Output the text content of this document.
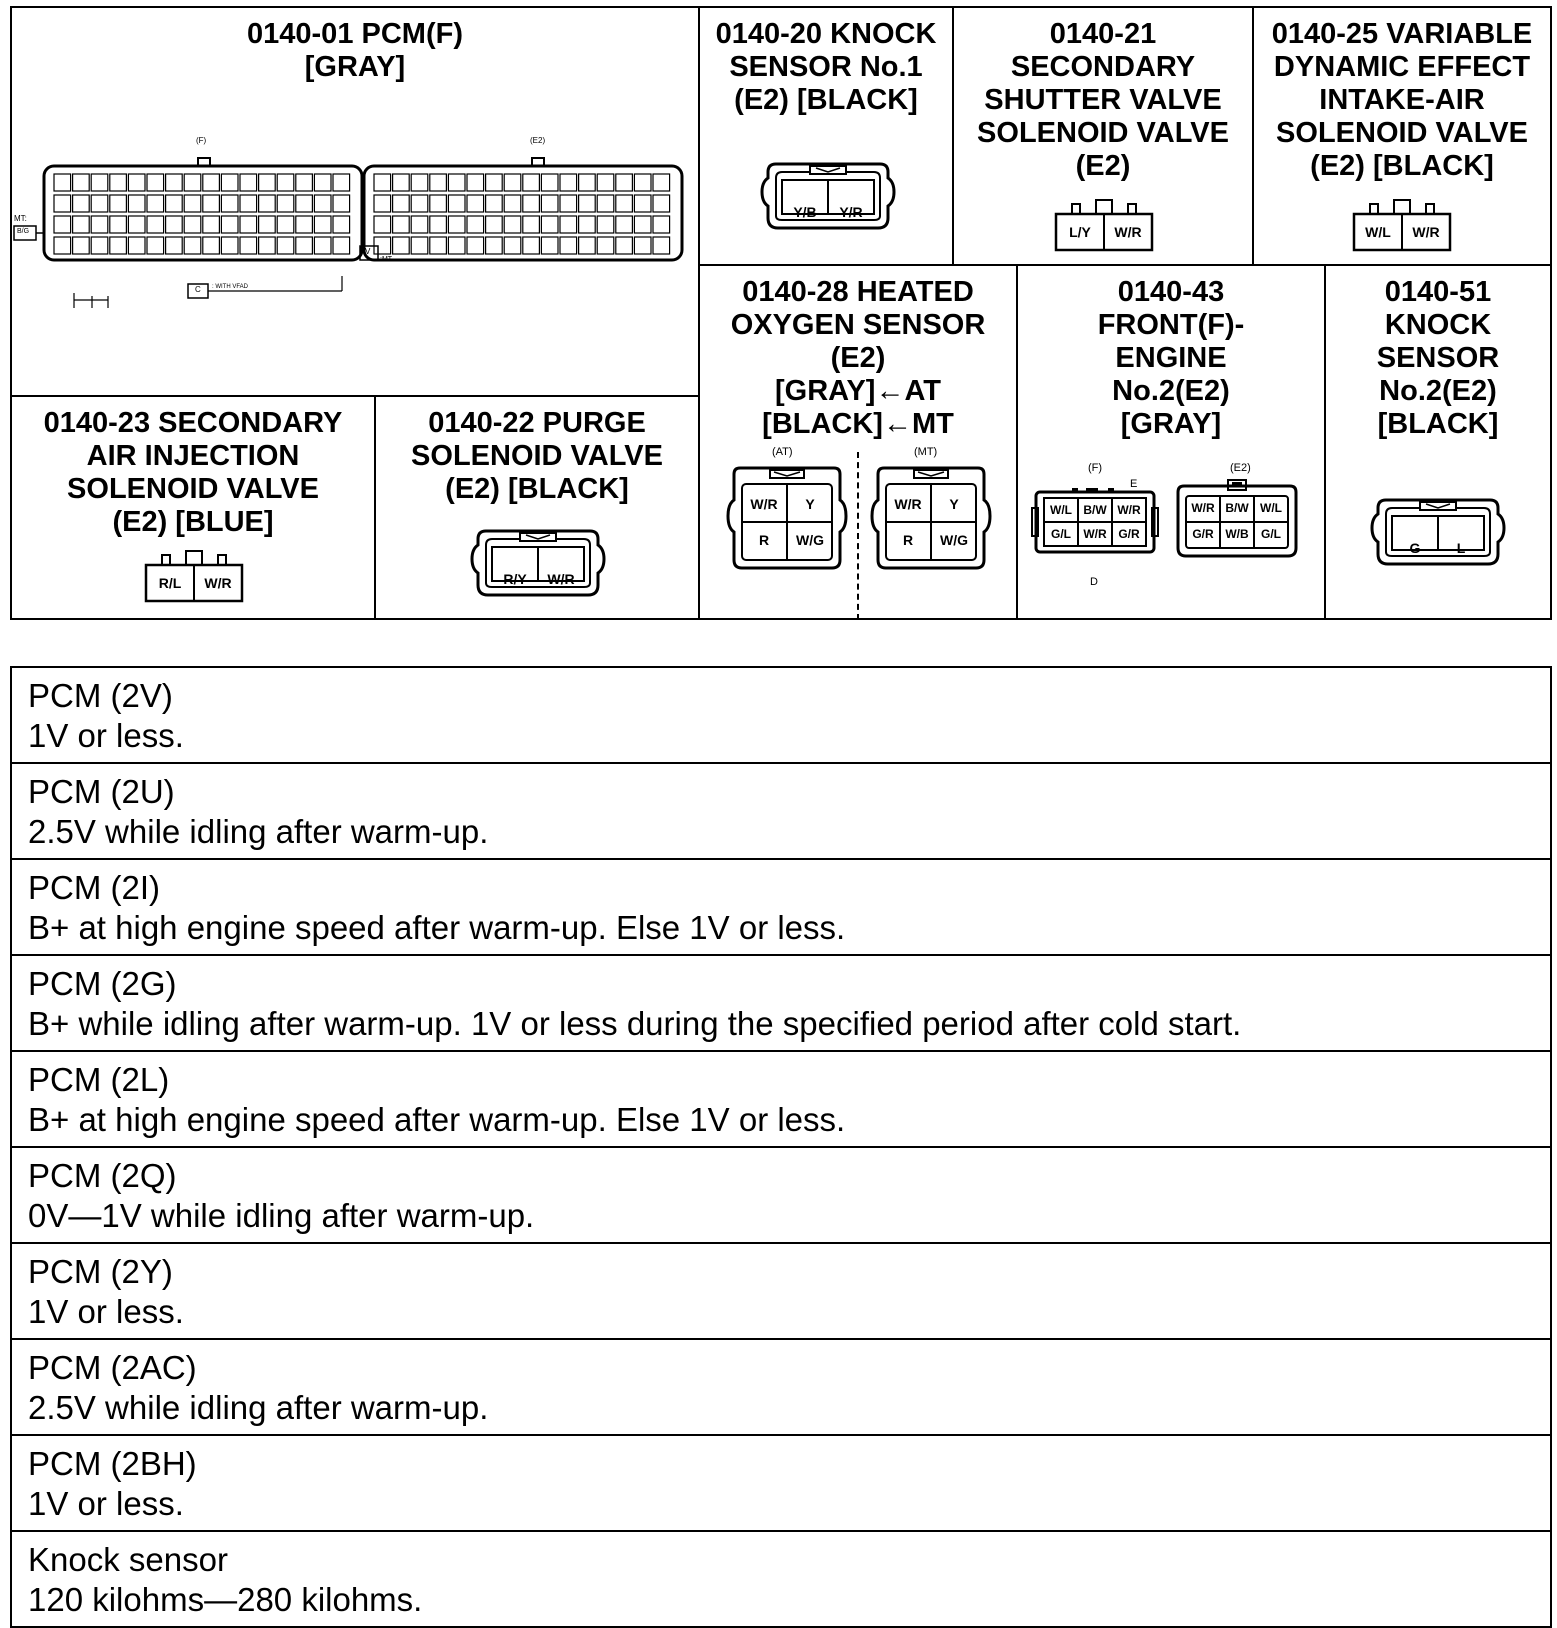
0140-01 PCM(F)
[GRAY]
(F)	(E2)
MT:
B/G
V
:MT
C : WITH VFAD
0140-20 KNOCK
SENSOR No.1
(E2) [BLACK]
Y/B Y/R
0140-21
SECONDARY
SHUTTER VALVE
SOLENOID VALVE
(E2)
L/Y	W/R
0140-25 VARIABLE
DYNAMIC EFFECT
INTAKE-AIR
SOLENOID VALVE
(E2) [BLACK]
W/L	W/R
0140-23 SECONDARY
AIR INJECTION
SOLENOID VALVE
(E2) [BLUE]
R/L	W/R
0140-22 PURGE
SOLENOID VALVE
(E2) [BLACK]
R/Y W/R
0140-28 HEATED
OXYGEN SENSOR
(E2)
[GRAY]←AT
[BLACK]←MT
(AT)	(MT)
W/R	Y
R	W/G
W/R	Y
R	W/G
0140-43
FRONT(F)-
ENGINE
No.2(E2)
[GRAY]
(F)	(E2)
E
D
W/L B/W W/R
G/L	W/R G/R
W/R B/W W/L
G/R W/B	G/L
0140-51
KNOCK
SENSOR
No.2(E2)
[BLACK]
G	L
PCM (2V)
1V or less.

PCM (2U)
2.5V while idling after warm-up.

PCM (2I)
B+ at high engine speed after warm-up. Else 1V or less.

PCM (2G)
B+ while idling after warm-up. 1V or less during the specified period after cold start.

PCM (2L)
B+ at high engine speed after warm-up. Else 1V or less.

PCM (2Q)
0V—1V while idling after warm-up.

PCM (2Y)
1V or less.

PCM (2AC)
2.5V while idling after warm-up.

PCM (2BH)
1V or less.

Knock sensor
120 kilohms—280 kilohms.
